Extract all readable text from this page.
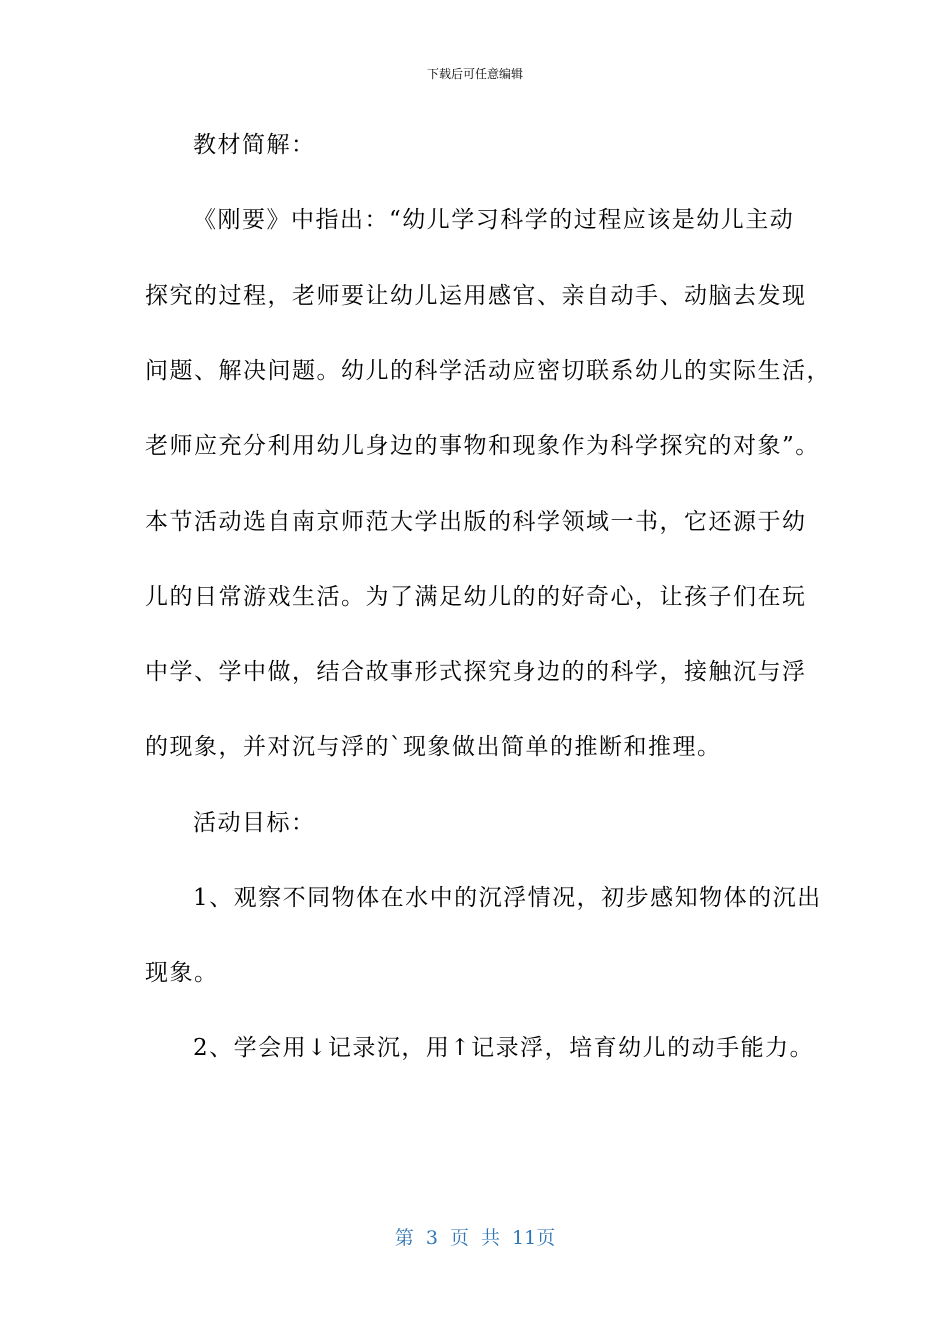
下载后可任意编辑
教材简解：
《刚要》中指出：“幼儿学习科学的过程应该是幼儿主动
探究的过程，老师要让幼儿运用感官、亲自动手、动脑去发现
问题、解决问题。幼儿的科学活动应密切联系幼儿的实际生活，
老师应充分利用幼儿身边的事物和现象作为科学探究的对象”。
本节活动选自南京师范大学出版的科学领域一书，它还源于幼
儿的日常游戏生活。为了满足幼儿的的好奇心，让孩子们在玩
中学、学中做，结合故事形式探究身边的的科学，接触沉与浮
的现象，并对沉与浮的`现象做出简单的推断和推理。
活动目标：
1、观察不同物体在水中的沉浮情况，初步感知物体的沉出
现象。
2、学会用↓记录沉，用↑记录浮，培育幼儿的动手能力。
第 3 页 共 11页
